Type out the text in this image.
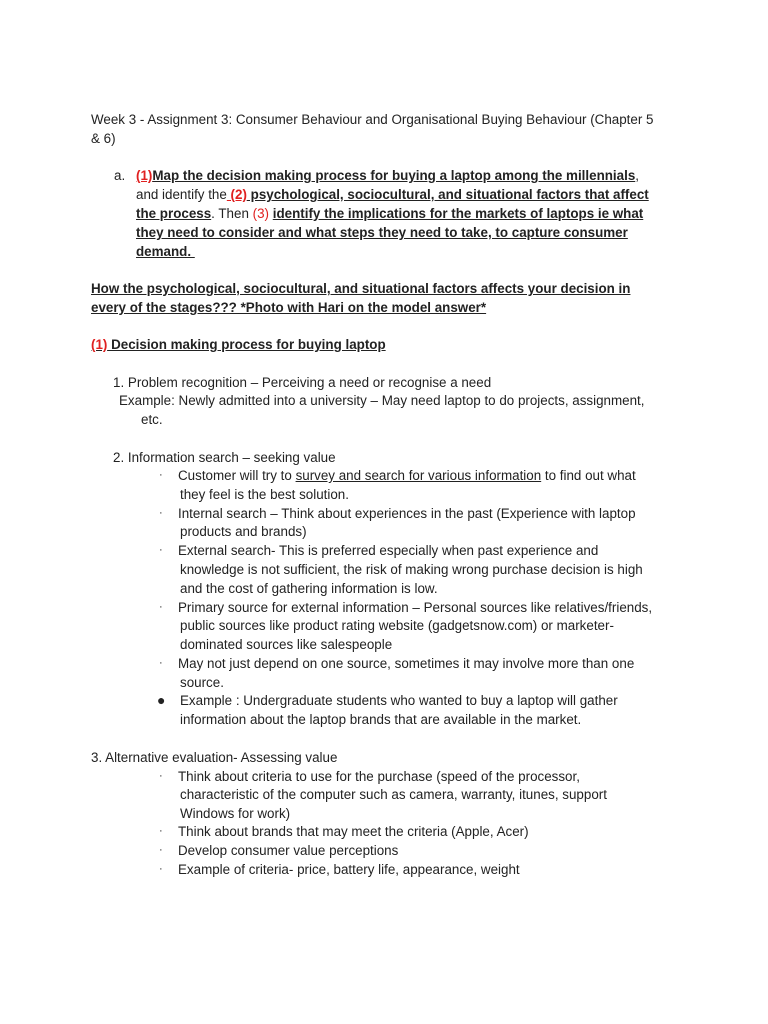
Week 3 - Assignment 3: Consumer Behaviour and Organisational Buying Behaviour (Chapter 5
& 6)
a. (1)Map the decision making process for buying a laptop among the millennials,
and identify the (2) psychological, sociocultural, and situational factors that affect
the process. Then (3) identify the implications for the markets of laptops ie what
they need to consider and what steps they need to take, to capture consumer
demand.
How the psychological, sociocultural, and situational factors affects your decision in
every of the stages??? *Photo with Hari on the model answer*
(1) Decision making process for buying laptop
1. Problem recognition – Perceiving a need or recognise a need
Example: Newly admitted into a university – May need laptop to do projects, assignment,
etc.
2. Information search – seeking value
· Customer will try to survey and search for various information to find out what
they feel is the best solution.
· Internal search – Think about experiences in the past (Experience with laptop
products and brands)
· External search- This is preferred especially when past experience and
knowledge is not sufficient, the risk of making wrong purchase decision is high
and the cost of gathering information is low.
· Primary source for external information – Personal sources like relatives/friends,
public sources like product rating website (gadgetsnow.com) or marketer-
dominated sources like salespeople
· May not just depend on one source, sometimes it may involve more than one
source.
● Example : Undergraduate students who wanted to buy a laptop will gather
information about the laptop brands that are available in the market.
3. Alternative evaluation- Assessing value
· Think about criteria to use for the purchase (speed of the processor,
characteristic of the computer such as camera, warranty, itunes, support
Windows for work)
· Think about brands that may meet the criteria (Apple, Acer)
· Develop consumer value perceptions
· Example of criteria- price, battery life, appearance, weight
